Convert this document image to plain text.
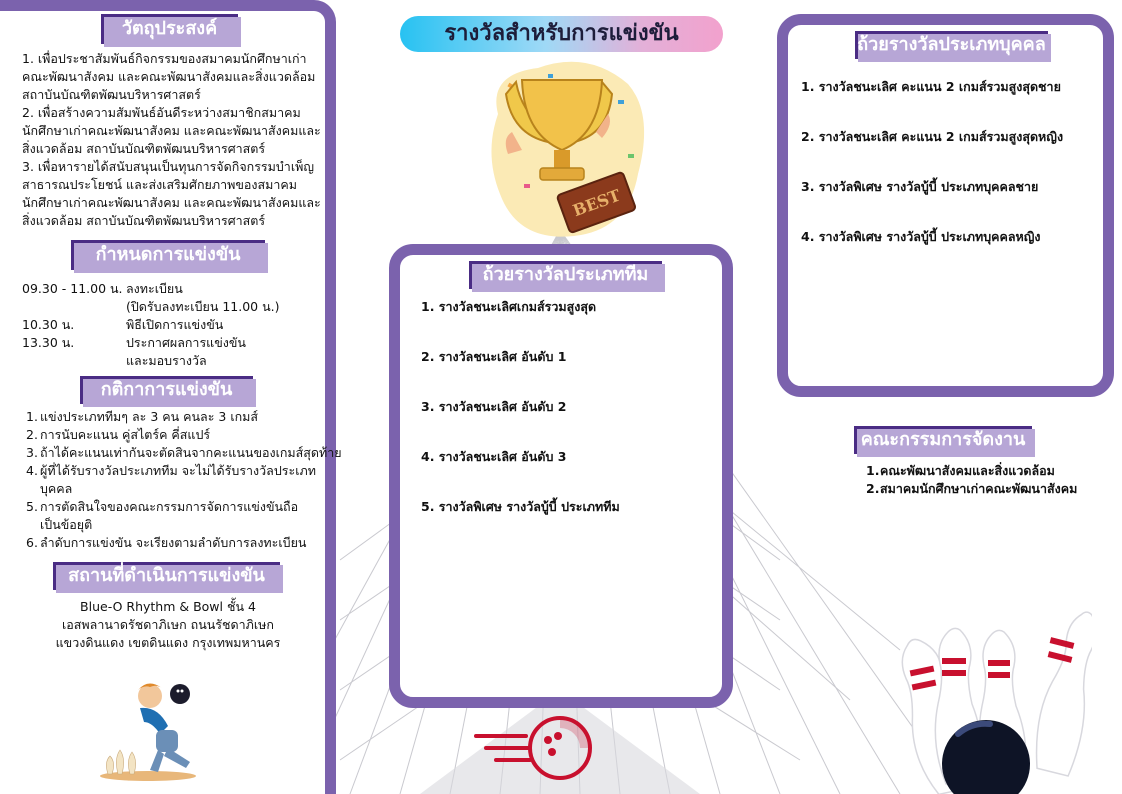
วัตถุประสงค์
1. เพื่อประชาสัมพันธ์กิจกรรมของสมาคมนักศึกษาเก่า
คณะพัฒนาสังคม และคณะพัฒนาสังคมและสิ่งแวดล้อม
สถาบันบัณฑิตพัฒนบริหารศาสตร์
2. เพื่อสร้างความสัมพันธ์อันดีระหว่างสมาชิกสมาคม
นักศึกษาเก่าคณะพัฒนาสังคม และคณะพัฒนาสังคมและ
สิ่งแวดล้อม สถาบันบัณฑิตพัฒนบริหารศาสตร์
3. เพื่อหารายได้สนับสนุนเป็นทุนการจัดกิจกรรมบำเพ็ญ
สาธารณประโยชน์ และส่งเสริมศักยภาพของสมาคม
นักศึกษาเก่าคณะพัฒนาสังคม และคณะพัฒนาสังคมและ
สิ่งแวดล้อม สถาบันบัณฑิตพัฒนบริหารศาสตร์
กำหนดการแข่งขัน
09.30 - 11.00 น. ลงทะเบียน
(ปิดรับลงทะเบียน 11.00 น.)
10.30 น.	พิธีเปิดการแข่งขัน
13.30 น.	ประกาศผลการแข่งขัน
และมอบรางวัล
กติกาการแข่งขัน
1. แข่งประเภททีมๆ ละ 3 คน คนละ 3 เกมส์
2. การนับคะแนน คู่สไตร์ค คี่สแปร์
3. ถ้าได้คะแนนเท่ากันจะตัดสินจากคะแนนของเกมส์สุดท้าย
4. ผู้ที่ได้รับรางวัลประเภททีม จะไม่ได้รับรางวัลประเภท
บุคคล
5. การตัดสินใจของคณะกรรมการจัดการแข่งขันถือ
เป็นข้อยุติ
6. ลำดับการแข่งขัน จะเรียงตามลำดับการลงทะเบียน
สถานที่ดำเนินการแข่งขัน
Blue-O Rhythm & Bowl ชั้น 4
เอสพลานาดรัชดาภิเษก ถนนรัชดาภิเษก
แขวงดินแดง เขตดินแดง กรุงเทพมหานคร
รางวัลสำหรับการแข่งขัน
BEST
ถ้วยรางวัลประเภททีม
1. รางวัลชนะเลิศเกมส์รวมสูงสุด
2. รางวัลชนะเลิศ อันดับ 1
3. รางวัลชนะเลิศ อันดับ 2
4. รางวัลชนะเลิศ อันดับ 3
5. รางวัลพิเศษ รางวัลบู้บี้ ประเภททีม
ถ้วยรางวัลประเภทบุคคล
1. รางวัลชนะเลิศ คะแนน 2 เกมส์รวมสูงสุดชาย
2. รางวัลชนะเลิศ คะแนน 2 เกมส์รวมสูงสุดหญิง
3. รางวัลพิเศษ รางวัลบู้บี้ ประเภทบุคคลชาย
4. รางวัลพิเศษ รางวัลบู้บี้ ประเภทบุคคลหญิง
คณะกรรมการจัดงาน
1. คณะพัฒนาสังคมและสิ่งแวดล้อม
2. สมาคมนักศึกษาเก่าคณะพัฒนาสังคม
